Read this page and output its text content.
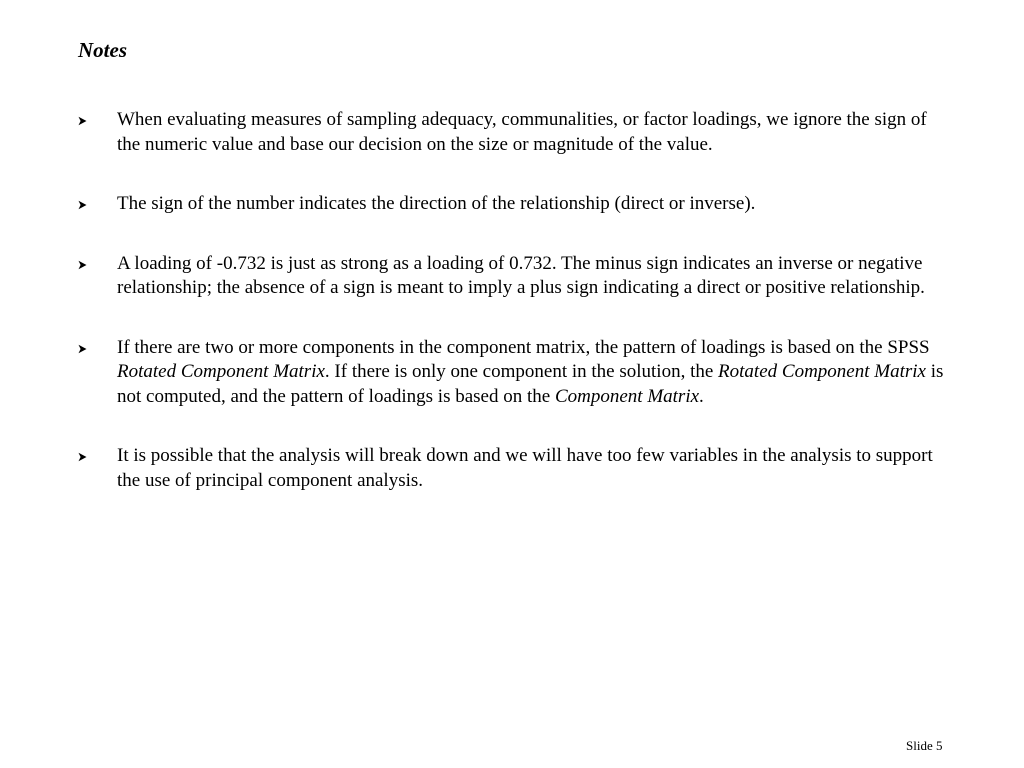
Notes
When evaluating measures of sampling adequacy, communalities, or factor loadings, we ignore the sign of the numeric value and base our decision on the size or magnitude of the value.
The sign of the number indicates the direction of the relationship (direct or inverse).
A loading of -0.732 is just as strong as a loading of 0.732. The minus sign indicates an inverse or negative relationship; the absence of a sign is meant to imply a plus sign indicating a direct or positive relationship.
If there are two or more components in the component matrix, the pattern of loadings is based on the SPSS Rotated Component Matrix. If there is only one component in the solution, the Rotated Component Matrix is not computed, and the pattern of loadings is based on the Component Matrix.
It is possible that the analysis will break down and we will have too few variables in the analysis to support the use of principal component analysis.
Slide 5
